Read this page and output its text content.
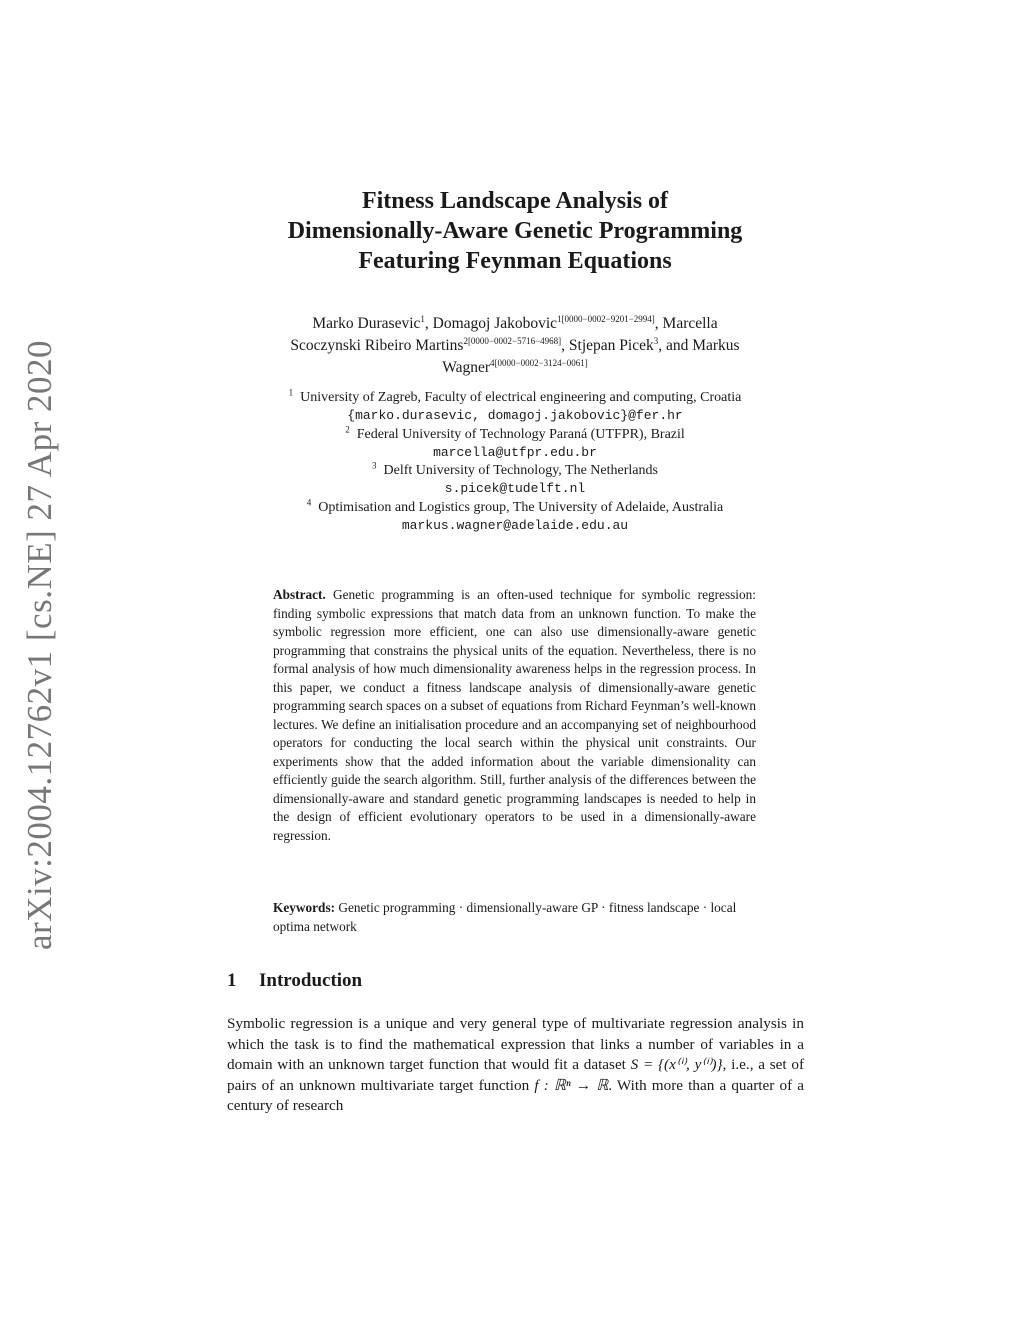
arXiv:2004.12762v1 [cs.NE] 27 Apr 2020
Fitness Landscape Analysis of
Dimensionally-Aware Genetic Programming
Featuring Feynman Equations
Marko Durasevic$^1$, Domagoj Jakobovic$^{1[0000-0002-9201-2994]}$, Marcella
Scoczynski Ribeiro Martins$^{2[0000-0002-5716-4968]}$, Stjepan Picek$^3$, and Markus
Wagner$^{4[0000-0002-3124-0061]}$
$^1$ University of Zagreb, Faculty of electrical engineering and computing, Croatia
{marko.durasevic, domagoj.jakobovic}@fer.hr
$^2$ Federal University of Technology Paraná (UTFPR), Brazil
marcella@utfpr.edu.br
$^3$ Delft University of Technology, The Netherlands
s.picek@tudelft.nl
$^4$ Optimisation and Logistics group, The University of Adelaide, Australia
markus.wagner@adelaide.edu.au
Abstract. Genetic programming is an often-used technique for symbolic regression: finding symbolic expressions that match data from an unknown function. To make the symbolic regression more efficient, one can also use dimensionally-aware genetic programming that constrains the physical units of the equation. Nevertheless, there is no formal analysis of how much dimensionality awareness helps in the regression process. In this paper, we conduct a fitness landscape analysis of dimensionally-aware genetic programming search spaces on a subset of equations from Richard Feynman’s well-known lectures. We define an initialisation procedure and an accompanying set of neighbourhood operators for conducting the local search within the physical unit constraints. Our experiments show that the added information about the variable dimensionality can efficiently guide the search algorithm. Still, further analysis of the differences between the dimensionally-aware and standard genetic programming landscapes is needed to help in the design of efficient evolutionary operators to be used in a dimensionally-aware regression.
Keywords: Genetic programming · dimensionally-aware GP · fitness landscape · local optima network
1 Introduction
Symbolic regression is a unique and very general type of multivariate regression analysis in which the task is to find the mathematical expression that links a number of variables in a domain with an unknown target function that would fit a dataset S = {(x⁽ⁱ⁾, y⁽ⁱ⁾)}, i.e., a set of pairs of an unknown multivariate target function f : ℝⁿ → ℝ. With more than a quarter of a century of research
